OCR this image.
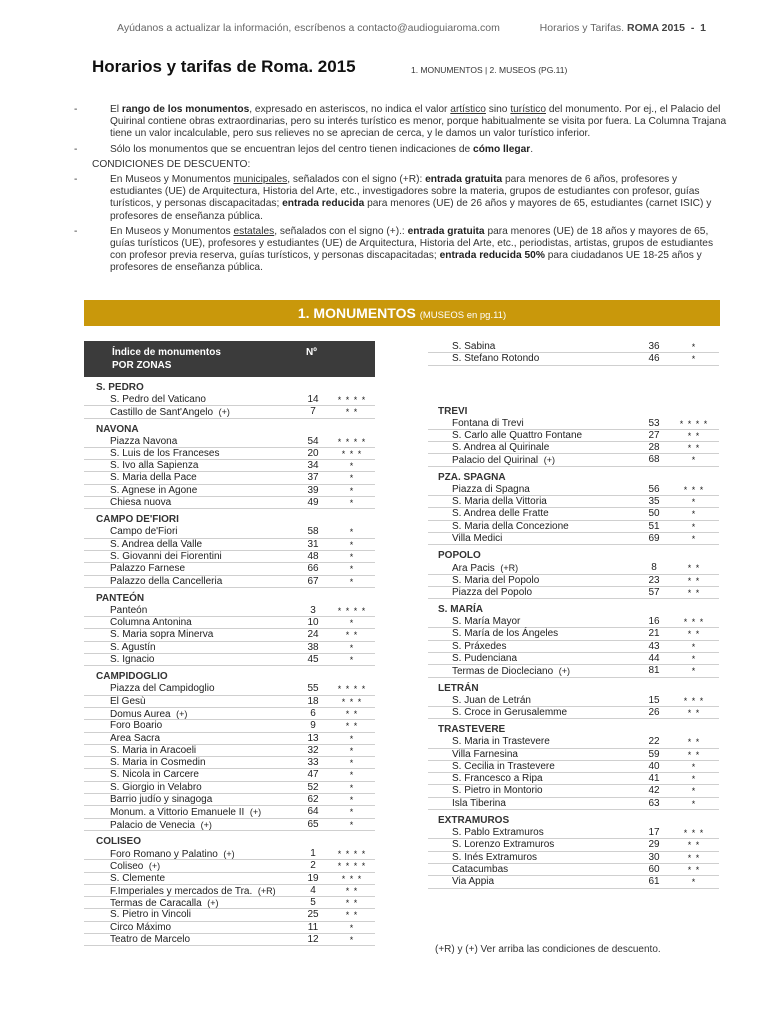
Ayúdanos a actualizar la información, escríbenos a contacto@audioguiaroma.com	Horarios y Tarifas. ROMA 2015 - 1
Horarios y tarifas de Roma. 2015	1. MONUMENTOS | 2. MUSEOS (PG.11)

-	El rango de los monumentos, expresado en asteriscos, no indica el valor artístico sino turístico del monumento. Por ej., el Palacio del Quirinal contiene obras extraordinarias, pero su interés turístico es menor, porque habitualmente se visita por fuera. La Columna Trajana tiene un valor incalculable, pero sus relieves no se aprecian de cerca, y le damos un valor turístico inferior.

-	Sólo los monumentos que se encuentran lejos del centro tienen indicaciones de cómo llegar.

CONDICIONES DE DESCUENTO:

-	En Museos y Monumentos municipales, señalados con el signo (+R): entrada gratuita para menores de 6 años, profesores y estudiantes (UE) de Arquitectura, Historia del Arte, etc., investigadores sobre la materia, grupos de estudiantes con profesor, guías turísticos, y personas discapacitadas; entrada reducida para menores (UE) de 26 años y mayores de 65, estudiantes (carnet ISIC) y profesores de enseñanza pública.

-	En Museos y Monumentos estatales, señalados con el signo (+).: entrada gratuita para menores (UE) de 18 años y mayores de 65, guías turísticos (UE), profesores y estudiantes (UE) de Arquitectura, Historia del Arte, etc., periodistas, artistas, grupos de estudiantes con profesor previa reserva, guías turísticos, y personas discapacitadas; entrada reducida 50% para ciudadanos UE 18-25 años y profesores de enseñanza pública.

1. MONUMENTOS (MUSEOS en pg.11)
Índice de monumentos
POR ZONAS
Nº
S. PEDRO
S. Pedro del Vaticano	14	* * * *
Castillo de Sant'Angelo (+)	7	* *
NAVONA
Piazza Navona	54	* * * *
S. Luis de los Franceses	20	* * *
S. Ivo alla Sapienza	34	*
S. Maria della Pace	37	*
S. Agnese in Agone	39	*
Chiesa nuova	49	*
CAMPO DE'FIORI
Campo de'Fiori	58	*
S. Andrea della Valle	31	*
S. Giovanni dei Fiorentini	48	*
Palazzo Farnese	66	*
Palazzo della Cancelleria	67	*
PANTEÓN
Panteón	3	* * * *
Columna Antonina	10	*
S. Maria sopra Minerva	24	* *
S. Agustín	38	*
S. Ignacio	45	*
CAMPIDOGLIO
Piazza del Campidoglio	55	* * * *
El Gesù	18	* * *
Domus Aurea (+)	6	* *
Foro Boario	9	* *
Area Sacra	13	*
S. Maria in Aracoeli	32	*
S. Maria in Cosmedin	33	*
S. Nicola in Carcere	47	*
S. Giorgio in Velabro	52	*
Barrio judío y sinagoga	62	*
Monum. a Vittorio Emanuele II (+)	64	*
Palacio de Venecia (+)	65	*
COLISEO
Foro Romano y Palatino (+)	1	* * * *
Coliseo (+)	2	* * * *
S. Clemente	19	* * *
F.Imperiales y mercados de Tra. (+R)	4	* *
Termas de Caracalla (+)	5	* *
S. Pietro in Vincoli	25	* *
Circo Máximo	11	*
Teatro de Marcelo	12	*
S. Sabina	36	*
S. Stefano Rotondo	46	*
TREVI
Fontana di Trevi	53	* * * *
S. Carlo alle Quattro Fontane	27	* *
S. Andrea al Quirinale	28	* *
Palacio del Quirinal (+)	68	*
PZA. SPAGNA
Piazza di Spagna	56	* * *
S. Maria della Vittoria	35	*
S. Andrea delle Fratte	50	*
S. Maria della Concezione	51	*
Villa Medici	69	*
POPOLO
Ara Pacis (+R)	8	* *
S. Maria del Popolo	23	* *
Piazza del Popolo	57	* *
S. MARÍA
S. María Mayor	16	* * *
S. María de los Ángeles	21	* *
S. Práxedes	43	*
S. Pudenciana	44	*
Termas de Diocleciano (+)	81	*
LETRÁN
S. Juan de Letrán	15	* * *
S. Croce in Gerusalemme	26	* *
TRASTEVERE
S. Maria in Trastevere	22	* *
Villa Farnesina	59	* *
S. Cecilia in Trastevere	40	*
S. Francesco a Ripa	41	*
S. Pietro in Montorio	42	*
Isla Tiberina	63	*
EXTRAMUROS
S. Pablo Extramuros	17	* * *
S. Lorenzo Extramuros	29	* *
S. Inés Extramuros	30	* *
Catacumbas	60	* *
Via Appia	61	*
(+R) y (+) Ver arriba las condiciones de descuento.
